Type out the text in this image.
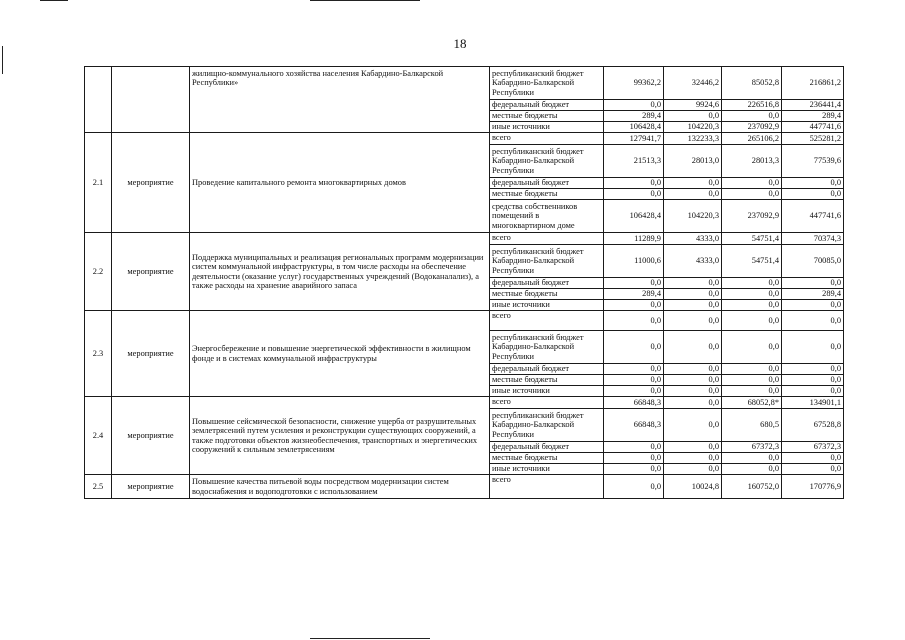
18
		жилищно-коммунального хозяйства населения Кабардино-Балкарской Республики»	республиканский бюджет Кабардино-Балкарской Республики	99362,2	32446,2	85052,8	216861,2
			федеральный бюджет	0,0	9924,6	226516,8	236441,4
			местные бюджеты	289,4	0,0	0,0	289,4
			иные источники	106428,4	104220,3	237092,9	447741,6
2.1	мероприятие	Проведение капитального ремонта многоквартирных домов	всего	127941,7	132233,3	265106,2	525281,2
			республиканский бюджет Кабардино-Балкарской Республики	21513,3	28013,0	28013,3	77539,6
			федеральный бюджет	0,0	0,0	0,0	0,0
			местные бюджеты	0,0	0,0	0,0	0,0
			средства собственников помещений в многоквартирном доме	106428,4	104220,3	237092,9	447741,6
2.2	мероприятие	Поддержка муниципальных и реализация региональных программ модернизации систем коммунальной инфраструктуры, в том числе расходы на обеспечение деятельности (оказание услуг) государственных учреждений (Водоканалализ), а также расходы на хранение аварийного запаса	всего	11289,9	4333,0	54751,4	70374,3
			республиканский бюджет Кабардино-Балкарской Республики	11000,6	4333,0	54751,4	70085,0
			федеральный бюджет	0,0	0,0	0,0	0,0
			местные бюджеты	289,4	0,0	0,0	289,4
			иные источники	0,0	0,0	0,0	0,0
2.3	мероприятие	Энергосбережение и повышение энергетической эффективности в жилищном фонде и в системах коммунальной инфраструктуры	всего	0,0	0,0	0,0	0,0
			республиканский бюджет Кабардино-Балкарской Республики	0,0	0,0	0,0	0,0
			федеральный бюджет	0,0	0,0	0,0	0,0
			местные бюджеты	0,0	0,0	0,0	0,0
			иные источники	0,0	0,0	0,0	0,0
2.4	мероприятие	Повышение сейсмической безопасности, снижение ущерба от разрушительных землетрясений путем усиления и реконструкции существующих сооружений, а также подготовки объектов жизнеобеспечения, транспортных и энергетических сооружений к сильным землетрясениям	всего	66848,3	0,0	68052,8*	134901,1
			республиканский бюджет Кабардино-Балкарской Республики	66848,3	0,0	680,5	67528,8
			федеральный бюджет	0,0	0,0	67372,3	67372,3
			местные бюджеты	0,0	0,0	0,0	0,0
			иные источники	0,0	0,0	0,0	0,0
2.5	мероприятие	Повышение качества питьевой воды посредством модернизации систем водоснабжения и водоподготовки с использованием	всего	0,0	10024,8	160752,0	170776,9
